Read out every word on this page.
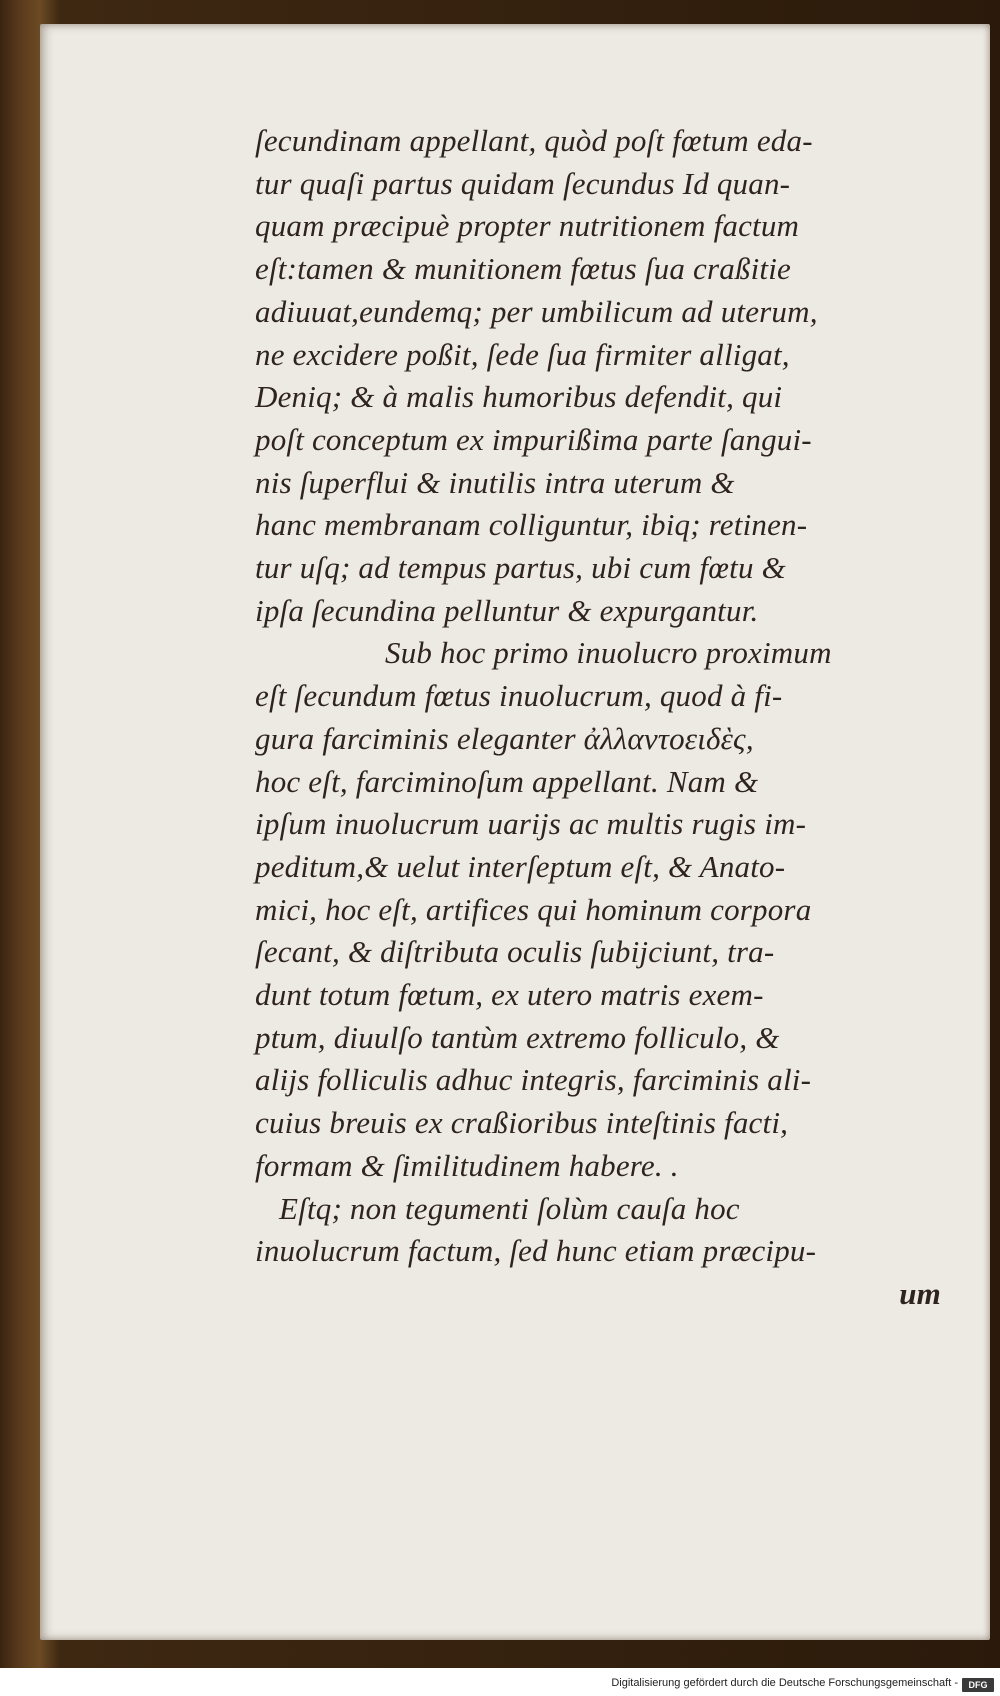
ſecundinam appellant, quòd poſt fœtum eda-
tur quaſi partus quidam ſecundus Id quan-
quam præcipuè propter nutritionem factum
eſt:tamen & munitionem fœtus ſua craßitie
adiuuat,eundemq; per umbilicum ad uterum,
ne excidere poßit, ſede ſua firmiter alligat,
Deniq; & à malis humoribus defendit, qui
poſt conceptum ex impurißima parte ſangui-
nis ſuperflui & inutilis intra uterum &
hanc membranam colliguntur, ibiq; retinen-
tur uſq; ad tempus partus, ubi cum fœtu &
ipſa ſecundina pelluntur & expurgantur.
Sub hoc primo inuolucro proximum
eſt ſecundum fœtus inuolucrum, quod à fi-
gura farciminis eleganter ἀλλαντοειδὲς,
hoc eſt, farciminoſum appellant. Nam &
ipſum inuolucrum uarijs ac multis rugis im-
peditum,& uelut interſeptum eſt, & Anato-
mici, hoc eſt, artifices qui hominum corpora
ſecant, & diſtributa oculis ſubijciunt, tra-
dunt totum fœtum, ex utero matris exem-
ptum, diuulſo tantùm extremo folliculo, &
alijs folliculis adhuc integris, farciminis ali-
cuius breuis ex craßioribus inteſtinis facti,
formam & ſimilitudinem habere. .
Eſtq; non tegumenti ſolùm cauſa hoc
inuolucrum factum, ſed hunc etiam præcipu-
um
Digitalisierung gefördert durch die Deutsche Forschungsgemeinschaft -	DFG
